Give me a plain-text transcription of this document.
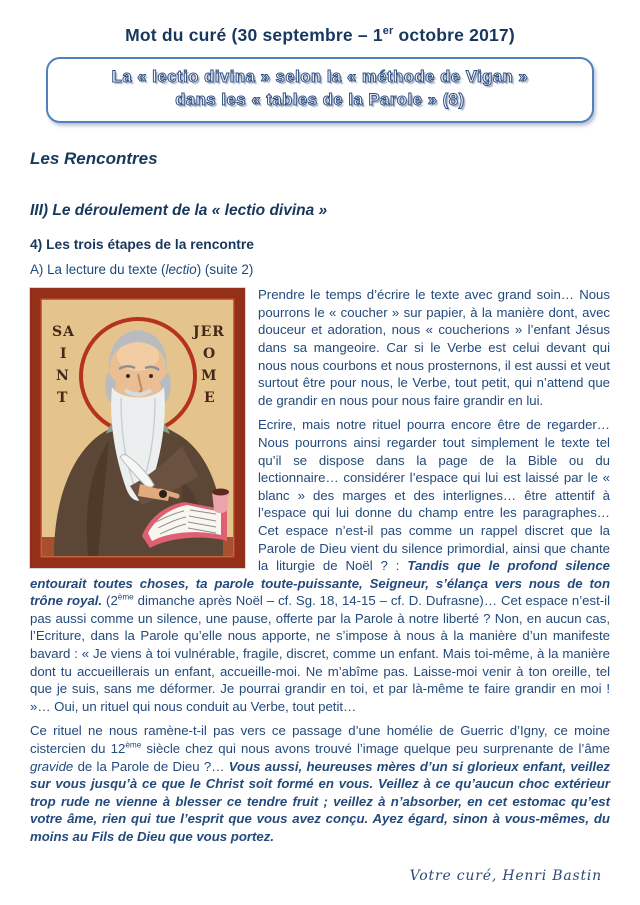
Mot du curé (30 septembre – 1er octobre 2017)
La « lectio divina » selon la « méthode de Vigan »
dans les « tables de la Parole » (8)
Les Rencontres
III) Le déroulement de la « lectio divina »
4) Les trois étapes de la rencontre
A) La lecture du texte (lectio) (suite 2)
SA
I
N
T
JER
O
M
E

Prendre le temps d’écrire le texte avec grand soin… Nous pourrons le « coucher » sur papier, à la manière dont, avec douceur et adoration, nous « coucherions » l’enfant Jésus dans sa mangeoire. Car si le Verbe est celui devant qui nous nous courbons et nous prosternons, il est aussi et veut surtout être pour nous, le Verbe, tout petit, qui n’attend que de grandir en nous pour nous faire grandir en lui.

Ecrire, mais notre rituel pourra encore être de regarder… Nous pourrons ainsi regarder tout simplement le texte tel qu’il se dispose dans la page de la Bible ou du lectionnaire… considérer l’espace qui lui est laissé par le « blanc » des marges et des interlignes… être attentif à l’espace qui lui donne du champ entre les paragraphes… Cet espace n’est-il pas comme un rappel discret que la Parole de Dieu vient du silence primordial, ainsi que chante la liturgie de Noël ? : Tandis que le profond silence entourait toutes choses, ta parole toute-puissante, Seigneur, s’élança vers nous de ton trône royal. (2ème dimanche après Noël – cf. Sg. 18, 14-15 – cf. D. Dufrasne)… Cet espace n’est-il pas aussi comme un silence, une pause, offerte par la Parole à notre liberté ? Non, en aucun cas, l’Ecriture, dans la Parole qu’elle nous apporte, ne s’impose à nous à la manière d’un manifeste bavard : « Je viens à toi vulnérable, fragile, discret, comme un enfant. Mais toi-même, à la manière dont tu accueillerais un enfant, accueille-moi. Ne m’abîme pas. Laisse-moi venir à ton oreille, tel que je suis, sans me déformer. Je pourrai grandir en toi, et par là-même te faire grandir en moi ! »… Oui, un rituel qui nous conduit au Verbe, tout petit…

Ce rituel ne nous ramène-t-il pas vers ce passage d’une homélie de Guerric d’Igny, ce moine cistercien du 12ème siècle chez qui nous avons trouvé l’image quelque peu surprenante de l’âme gravide de la Parole de Dieu ?… Vous aussi, heureuses mères d’un si glorieux enfant, veillez sur vous jusqu’à ce que le Christ soit formé en vous. Veillez à ce qu’aucun choc extérieur trop rude ne vienne à blesser ce tendre fruit ; veillez à n’absorber, en cet estomac qu’est votre âme, rien qui tue l’esprit que vous avez conçu. Ayez égard, sinon à vous-mêmes, du moins au Fils de Dieu que vous portez.

Votre curé, Henri Bastin
